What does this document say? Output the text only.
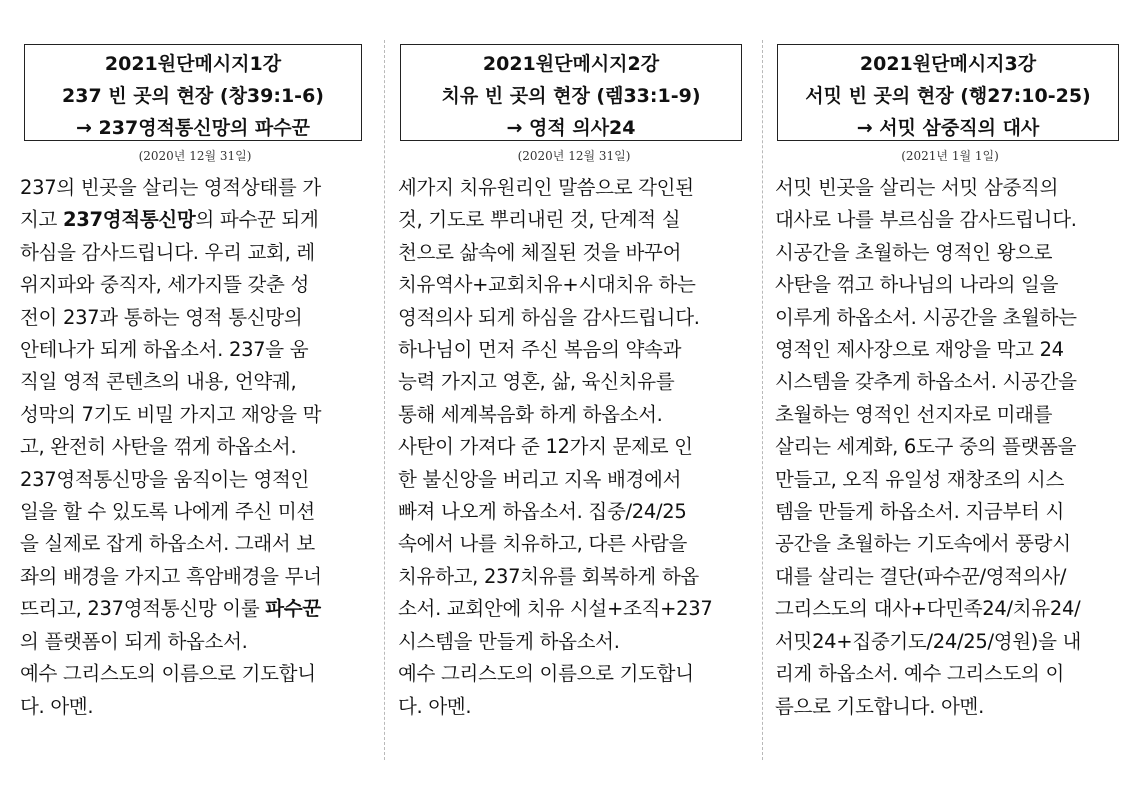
2021원단메시지1강
237 빈 곳의 현장 (창39:1-6)
→ 237영적통신망의 파수꾼
(2020년 12월 31일)

237의 빈곳을 살리는 영적상태를 가
지고 237영적통신망의 파수꾼 되게
하심을 감사드립니다. 우리 교회, 레
위지파와 중직자, 세가지뜰 갖춘 성
전이 237과 통하는 영적 통신망의
안테나가 되게 하옵소서. 237을 움
직일 영적 콘텐츠의 내용, 언약궤,
성막의 7기도 비밀 가지고 재앙을 막
고, 완전히 사탄을 꺾게 하옵소서.

237영적통신망을 움직이는 영적인
일을 할 수 있도록 나에게 주신 미션
을 실제로 잡게 하옵소서. 그래서 보
좌의 배경을 가지고 흑암배경을 무너
뜨리고, 237영적통신망 이룰 파수꾼
의 플랫폼이 되게 하옵소서.

예수 그리스도의 이름으로 기도합니
다. 아멘.

2021원단메시지2강
치유 빈 곳의 현장 (렘33:1-9)
→ 영적 의사24
(2020년 12월 31일)

세가지 치유원리인 말씀으로 각인된
것, 기도로 뿌리내린 것, 단계적 실
천으로 삶속에 체질된 것을 바꾸어
치유역사+교회치유+시대치유 하는
영적의사 되게 하심을 감사드립니다.
하나님이 먼저 주신 복음의 약속과
능력 가지고 영혼, 삶, 육신치유를
통해 세계복음화 하게 하옵소서.

사탄이 가져다 준 12가지 문제로 인
한 불신앙을 버리고 지옥 배경에서
빠져 나오게 하옵소서. 집중/24/25
속에서 나를 치유하고, 다른 사람을
치유하고, 237치유를 회복하게 하옵
소서. 교회안에 치유 시설+조직+237
시스템을 만들게 하옵소서.

예수 그리스도의 이름으로 기도합니
다. 아멘.

2021원단메시지3강
서밋 빈 곳의 현장 (행27:10-25)
→ 서밋 삼중직의 대사
(2021년 1월 1일)

서밋 빈곳을 살리는 서밋 삼중직의
대사로 나를 부르심을 감사드립니다.
시공간을 초월하는 영적인 왕으로
사탄을 꺾고 하나님의 나라의 일을
이루게 하옵소서. 시공간을 초월하는
영적인 제사장으로 재앙을 막고 24
시스템을 갖추게 하옵소서. 시공간을
초월하는 영적인 선지자로 미래를
살리는 세계화, 6도구 중의 플랫폼을
만들고, 오직 유일성 재창조의 시스
템을 만들게 하옵소서. 지금부터 시
공간을 초월하는 기도속에서 풍랑시
대를 살리는 결단(파수꾼/영적의사/
그리스도의 대사+다민족24/치유24/
서밋24+집중기도/24/25/영원)을 내
리게 하옵소서. 예수 그리스도의 이
름으로 기도합니다. 아멘.
